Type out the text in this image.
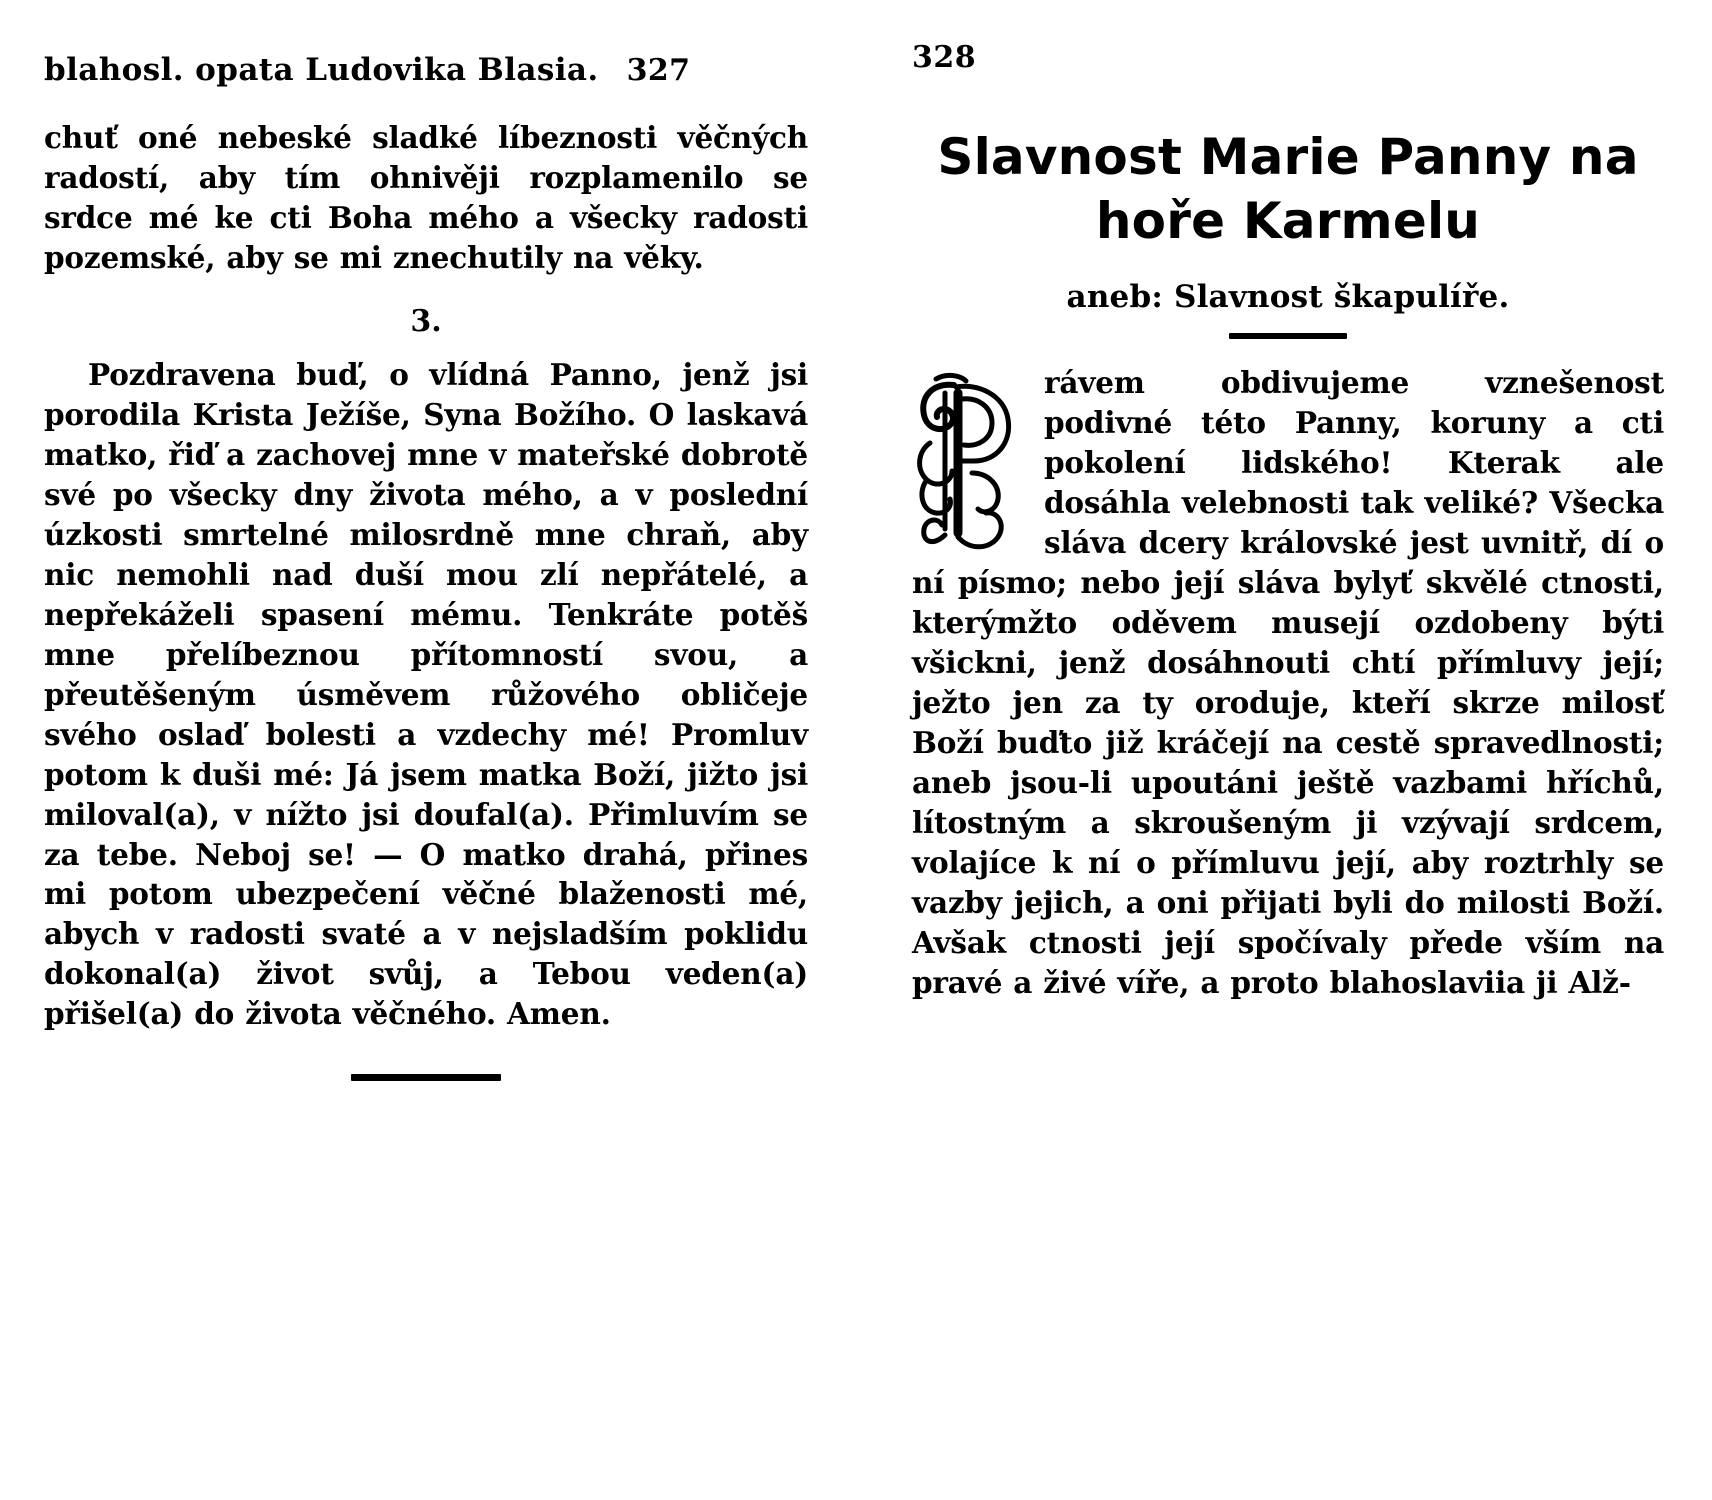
blahosl. opata Ludovika Blasia. 327

chuť oné nebeské sladké líbeznosti věčných radostí, aby tím ohnivěji rozplamenilo se srdce mé ke cti Boha mého a všecky radosti pozemské, aby se mi znechutily na věky.

3.

Pozdravena buď, o vlídná Panno, jenž jsi porodila Krista Ježíše, Syna Božího. O laskavá matko, řiď a zachovej mne v mateřské dobrotě své po všecky dny života mého, a v poslední úzkosti smrtelné milosrdně mne chraň, aby nic nemohli nad duší mou zlí nepřátelé, a nepřekáželi spasení mému. Tenkráte potěš mne přelíbeznou přítomností svou, a přeutěšeným úsměvem růžového obličeje svého oslaď bolesti a vzdechy mé! Promluv potom k duši mé: Já jsem matka Boží, jižto jsi miloval(a), v nížto jsi doufal(a). Přimluvím se za tebe. Neboj se! — O matko drahá, přines mi potom ubezpečení věčné blaženosti mé, abych v radosti svaté a v nejsladším poklidu dokonal(a) život svůj, a Tebou veden(a) přišel(a) do života věčného. Amen.

328
Slavnost Marie Panny na hoře Karmelu
aneb: Slavnost škapulíře.

rávem obdivujeme vznešenost podivné této Panny, koruny a cti pokolení lidského! Kterak ale dosáhla velebnosti tak veliké? Všecka sláva dcery královské jest uvnitř, dí o ní písmo; nebo její sláva bylyť skvělé ctnosti, kterýmžto oděvem musejí ozdobeny býti všickni, jenž dosáhnouti chtí přímluvy její; ježto jen za ty oroduje, kteří skrze milosť Boží buďto již kráčejí na cestě spravedlnosti; aneb jsou-li upoutáni ještě vazbami hříchů, lítostným a skroušeným ji vzývají srdcem, volajíce k ní o přímluvu její, aby roztrhly se vazby jejich, a oni přijati byli do milosti Boží. Avšak ctnosti její spočívaly přede vším na pravé a živé víře, a proto blahoslaviia ji Alž-
